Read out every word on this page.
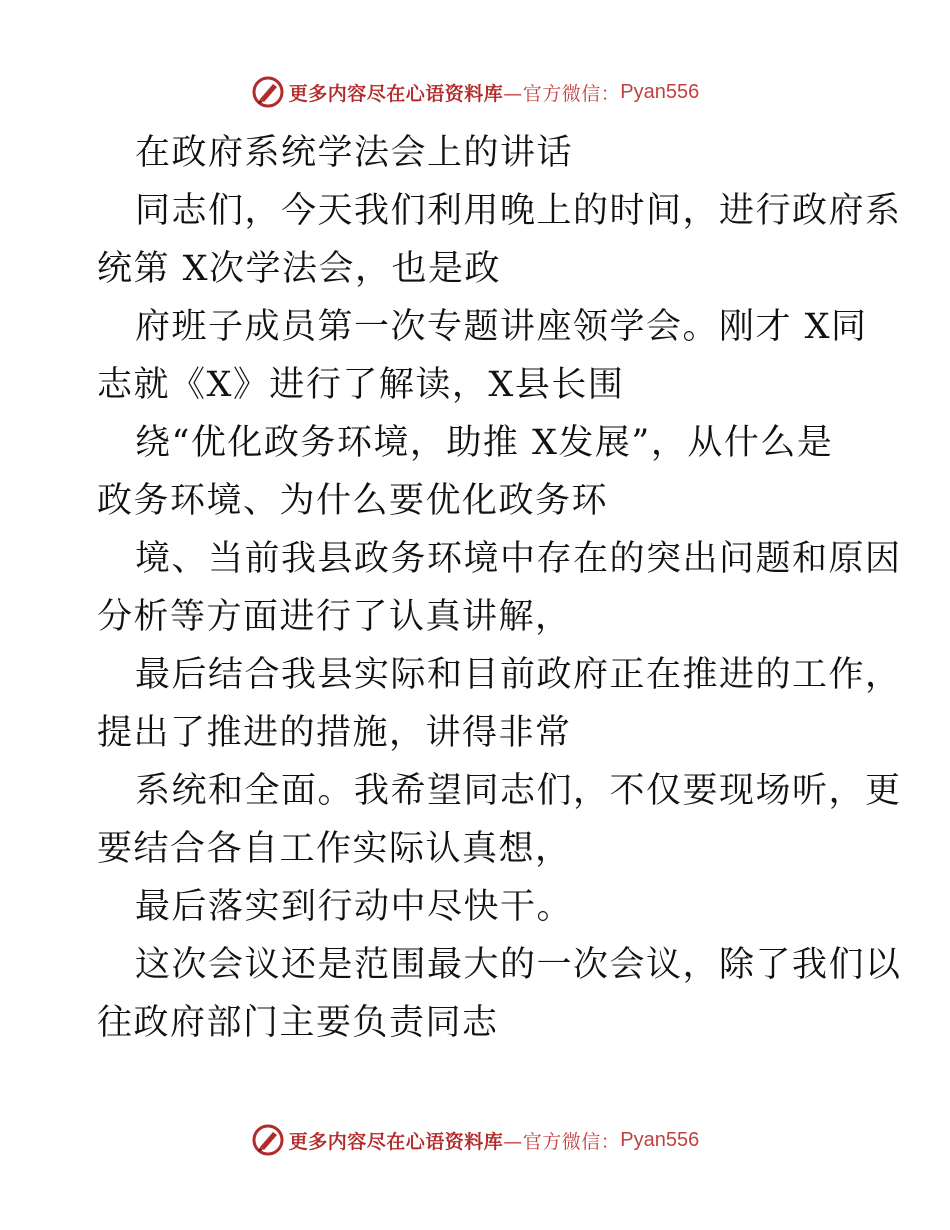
更多内容尽在心语资料库 —官方微信： Pyan556
在政府系统学法会上的讲话
同志们，今天我们利用晚上的时间，进行政府系
统第 X次学法会，也是政
府班子成员第一次专题讲座领学会。刚才 X同
志就《X》进行了解读，X县长围
绕“优化政务环境，助推 X发展”，从什么是
政务环境、为什么要优化政务环
境、当前我县政务环境中存在的突出问题和原因
分析等方面进行了认真讲解，
最后结合我县实际和目前政府正在推进的工作，
提出了推进的措施，讲得非常
系统和全面。我希望同志们，不仅要现场听，更
要结合各自工作实际认真想，
最后落实到行动中尽快干。
这次会议还是范围最大的一次会议，除了我们以
往政府部门主要负责同志
更多内容尽在心语资料库 —官方微信： Pyan556
